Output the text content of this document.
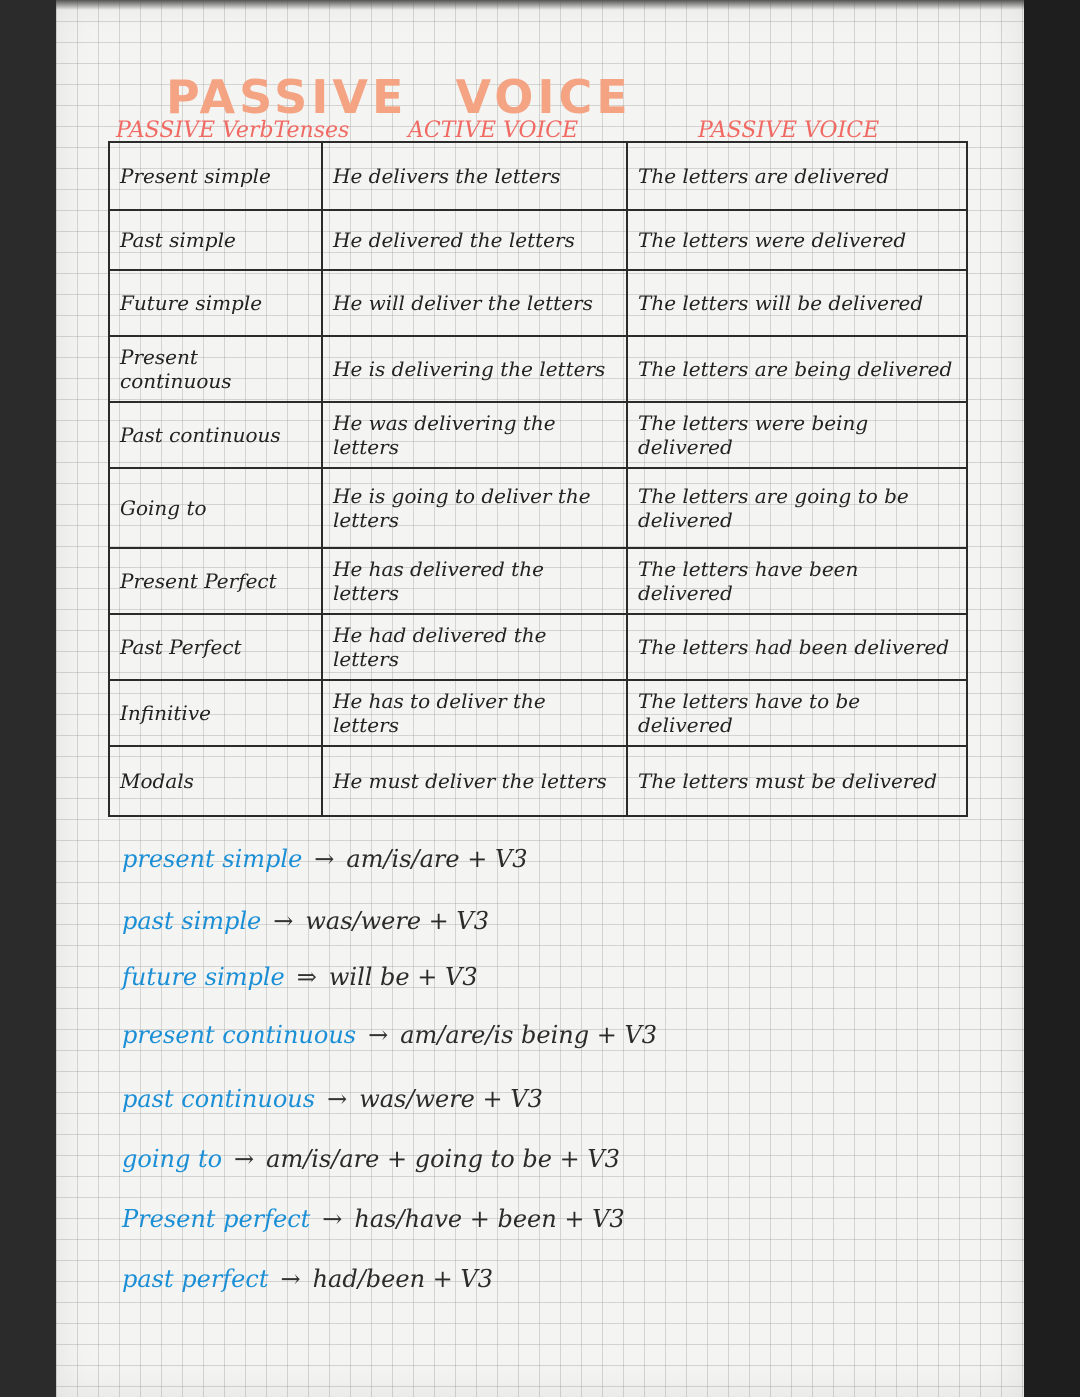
PASSIVE VOICE
PASSIVE VerbTenses	ACTIVE VOICE	PASSIVE VOICE
Present simple	He delivers the letters	The letters are delivered
Past simple	He delivered the letters	The letters were delivered
Future simple	He will deliver the letters	The letters will be delivered
Present continuous	He is delivering the letters	The letters are being delivered
Past continuous	He was delivering the letters	The letters were being delivered
Going to	He is going to deliver the letters	The letters are going to be delivered
Present Perfect	He has delivered the letters	The letters have been delivered
Past Perfect	He had delivered the letters	The letters had been delivered
Infinitive	He has to deliver the letters	The letters have to be delivered
Modals	He must deliver the letters	The letters must be delivered
present simple → am/is/are + V3
past simple → was/were + V3
future simple ⇒ will be + V3
present continuous → am/are/is being + V3
past continuous → was/were + V3
going to → am/is/are + going to be + V3
Present perfect → has/have + been + V3
past perfect → had/been + V3
